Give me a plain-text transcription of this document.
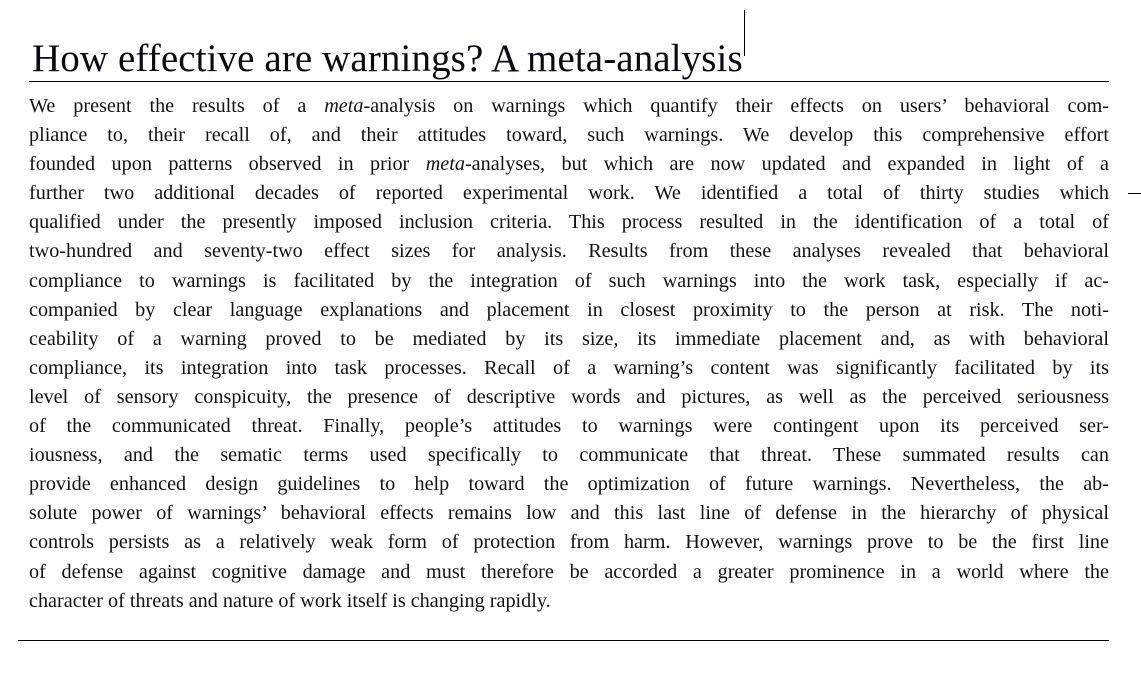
How effective are warnings? A meta-analysis
We present the results of a meta-analysis on warnings which quantify their effects on users’ behavioral com-
pliance to, their recall of, and their attitudes toward, such warnings. We develop this comprehensive effort
founded upon patterns observed in prior meta-analyses, but which are now updated and expanded in light of a
further two additional decades of reported experimental work. We identified a total of thirty studies which
qualified under the presently imposed inclusion criteria. This process resulted in the identification of a total of
two-hundred and seventy-two effect sizes for analysis. Results from these analyses revealed that behavioral
compliance to warnings is facilitated by the integration of such warnings into the work task, especially if ac-
companied by clear language explanations and placement in closest proximity to the person at risk. The noti-
ceability of a warning proved to be mediated by its size, its immediate placement and, as with behavioral
compliance, its integration into task processes. Recall of a warning’s content was significantly facilitated by its
level of sensory conspicuity, the presence of descriptive words and pictures, as well as the perceived seriousness
of the communicated threat. Finally, people’s attitudes to warnings were contingent upon its perceived ser-
iousness, and the sematic terms used specifically to communicate that threat. These summated results can
provide enhanced design guidelines to help toward the optimization of future warnings. Nevertheless, the ab-
solute power of warnings’ behavioral effects remains low and this last line of defense in the hierarchy of physical
controls persists as a relatively weak form of protection from harm. However, warnings prove to be the first line
of defense against cognitive damage and must therefore be accorded a greater prominence in a world where the
character of threats and nature of work itself is changing rapidly.
